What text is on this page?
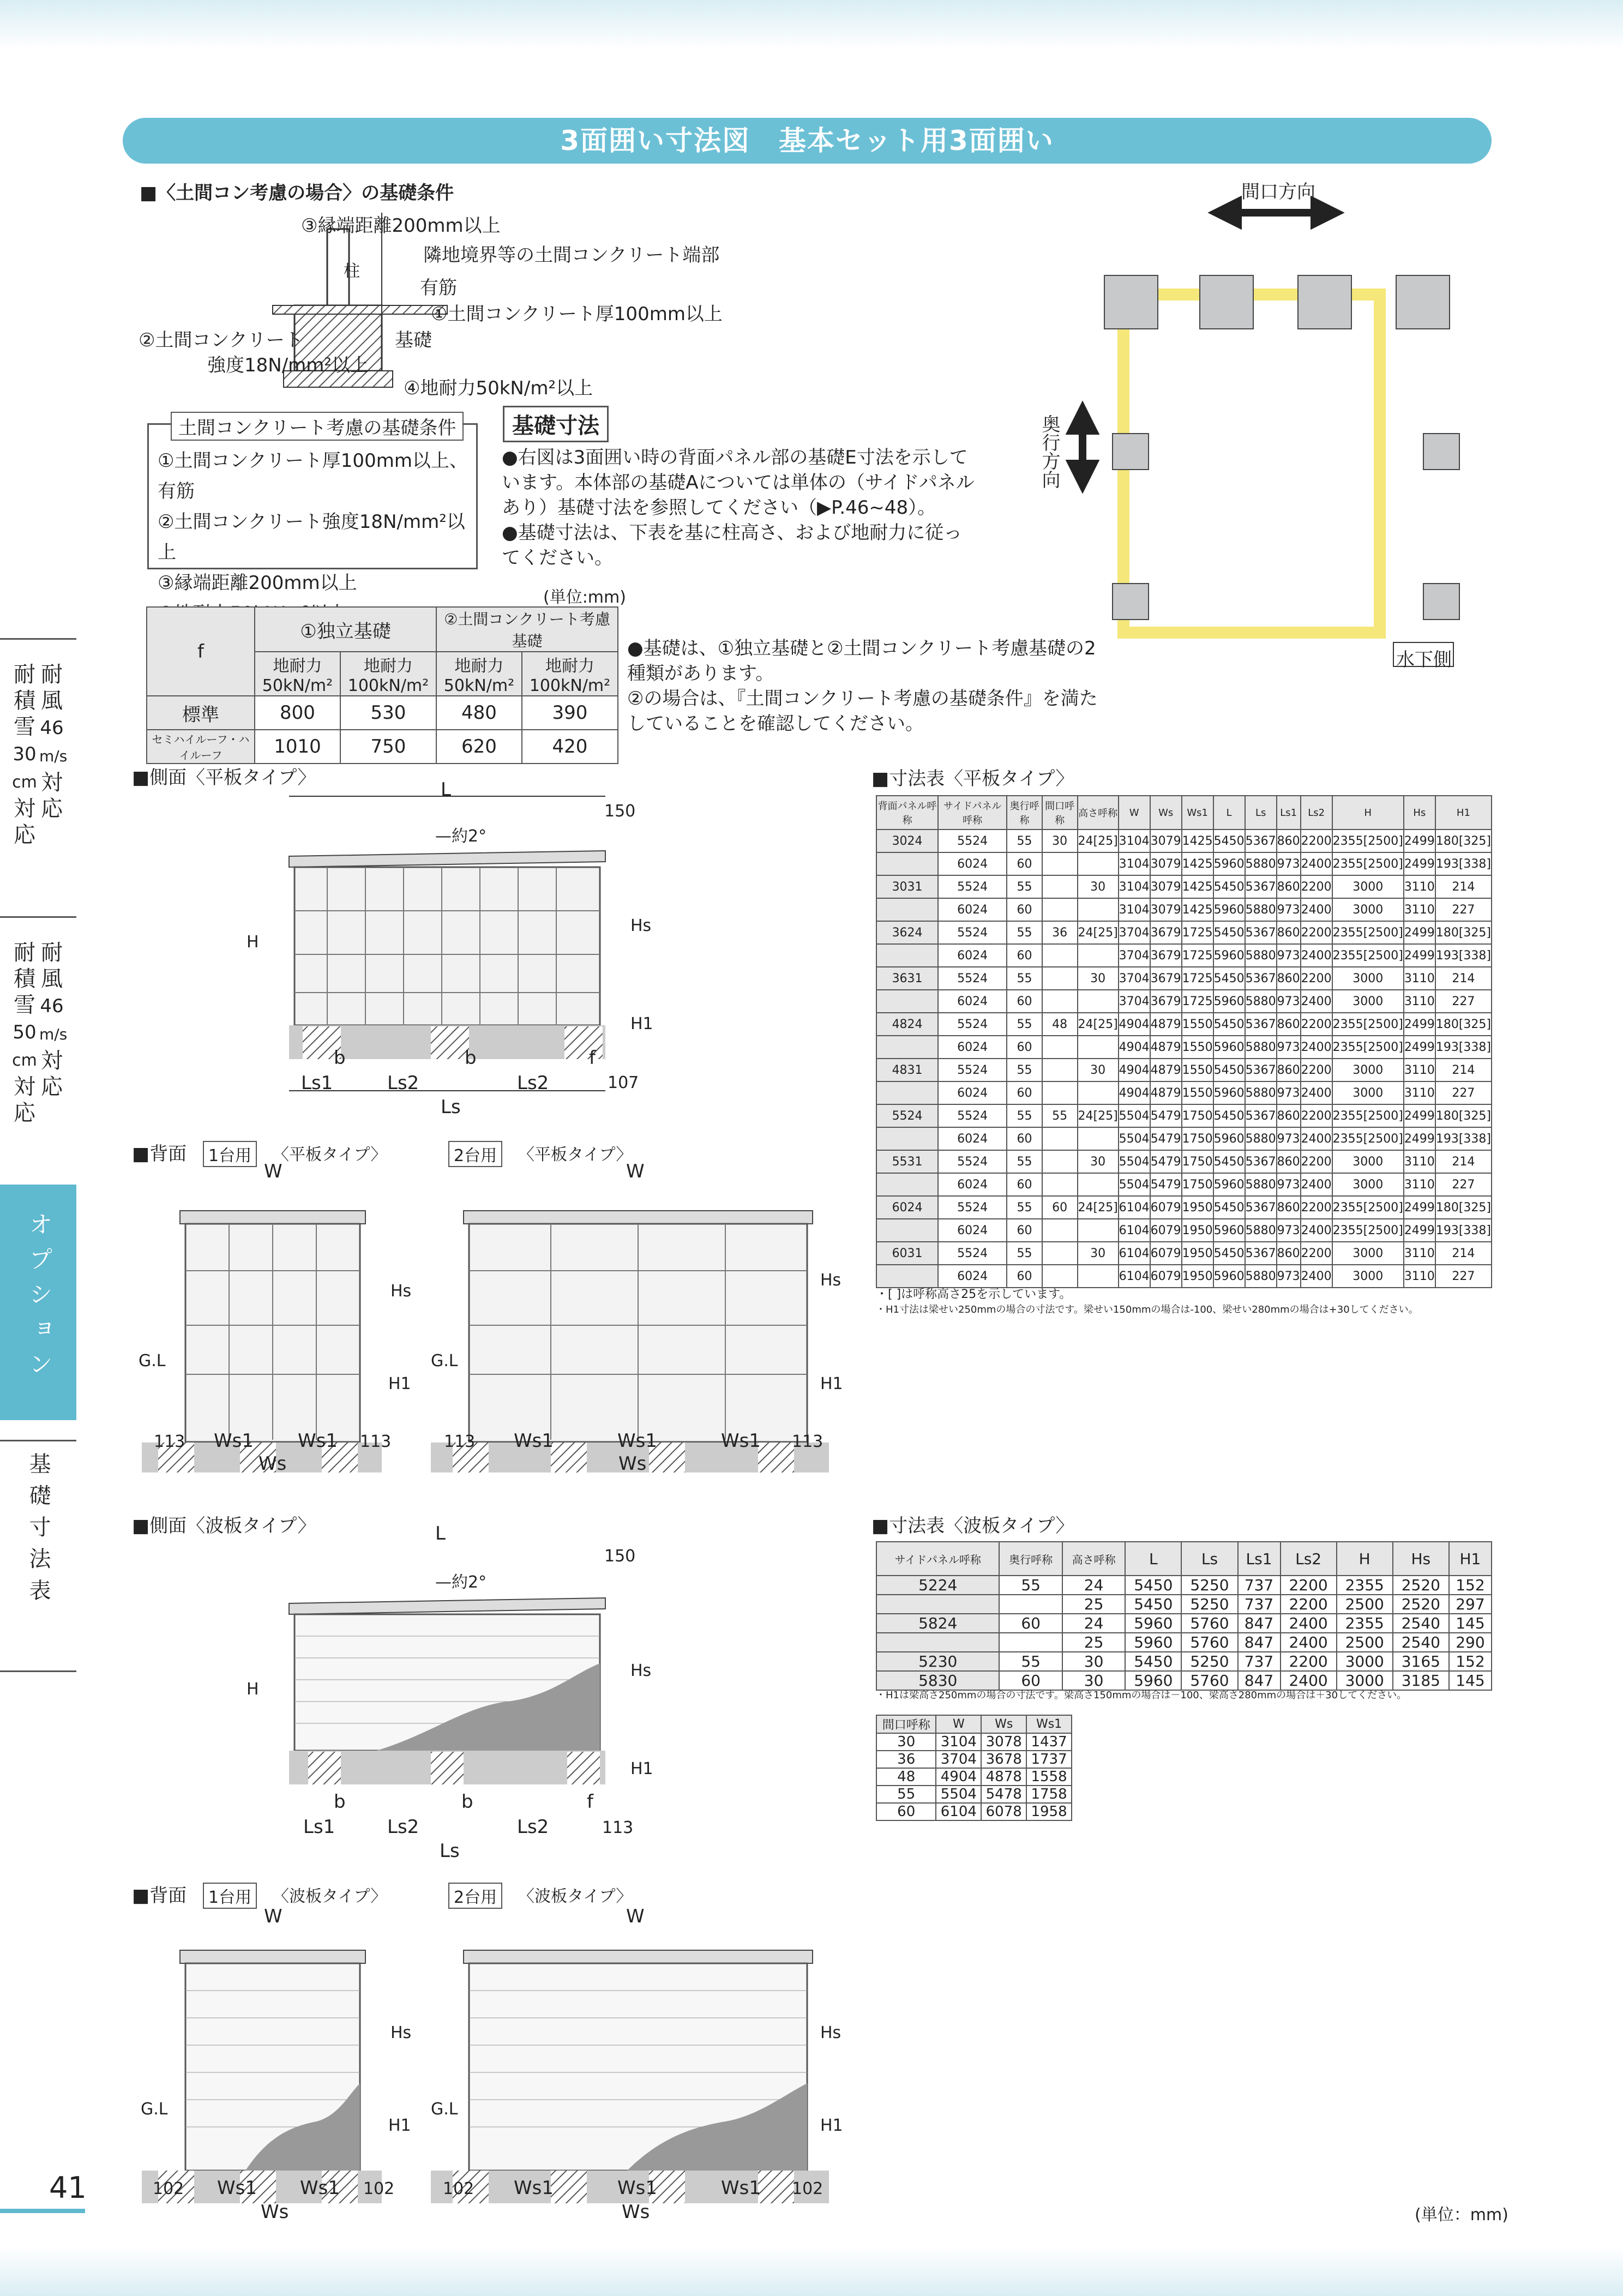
3面囲い寸法図　基本セット用3面囲い
耐
積
雪
30
cm
対
応
耐
風
46
m/s
対
応
耐
積
雪
50
cm
対
応
耐
風
46
m/s
対
応
オプション
基礎寸法表
■〈土間コン考慮の場合〉の基礎条件
③縁端距離200mm以上
柱
隣地境界等の土間コンクリート端部
有筋
①土間コンクリート厚100mm以上
②土間コンクリート
強度18N/mm²以上
基礎
④地耐力50kN/m²以上
土間コンクリート考慮の基礎条件
①土間コンクリート厚100mm以上、有筋
②土間コンクリート強度18N/mm²以上
③縁端距離200mm以上
④地耐力50kN/m²以上
基礎寸法
●右図は3面囲い時の背面パネル部の基礎E寸法を示しています。本体部の基礎Aについては単体の（サイドパネルあり）基礎寸法を参照してください（▶P.46~48）。
●基礎寸法は、下表を基に柱高さ、および地耐力に従ってください。
(単位:mm)
f	①独立基礎		②土間コンクリート考慮基礎	
	地耐力50kN/m²	地耐力100kN/m²	地耐力50kN/m²	地耐力100kN/m²
標準	800	530	480	390
セミハイルーフ・ハイルーフ	1010	750	620	420
●基礎は、①独立基礎と②土間コンクリート考慮基礎の2種類があります。
②の場合は、『土間コンクリート考慮の基礎条件』を満たしていることを確認してください。
間口方向
奥行方向
水下側
■側面〈平板タイプ〉
L
150
—約2°
H
Hs
H1
b	b	f
Ls1	Ls2	Ls2	107
Ls
■背面	1台用	〈平板タイプ〉	2台用	〈平板タイプ〉
W	W
Hs
Hs
G.L	G.L
H1	H1
113 Ws1 Ws1 113
Ws
113 Ws1	Ws1	Ws1 113
Ws
■寸法表〈平板タイプ〉
背面パネル呼称	サイドパネル呼称	奥行呼称	間口呼称	高さ呼称	W	Ws	Ws1	L	Ls	Ls1	Ls2	H	Hs	H1
3024	5524	55	30	24[25]	3104	3079	1425	5450	5367	860	2200	2355[2500]	2499	180[325]
	6024	60			3104	3079	1425	5960	5880	973	2400	2355[2500]	2499	193[338]
3031	5524	55		30	3104	3079	1425	5450	5367	860	2200	3000	3110	214
	6024	60			3104	3079	1425	5960	5880	973	2400	3000	3110	227
3624	5524	55	36	24[25]	3704	3679	1725	5450	5367	860	2200	2355[2500]	2499	180[325]
	6024	60			3704	3679	1725	5960	5880	973	2400	2355[2500]	2499	193[338]
3631	5524	55		30	3704	3679	1725	5450	5367	860	2200	3000	3110	214
	6024	60			3704	3679	1725	5960	5880	973	2400	3000	3110	227
4824	5524	55	48	24[25]	4904	4879	1550	5450	5367	860	2200	2355[2500]	2499	180[325]
	6024	60			4904	4879	1550	5960	5880	973	2400	2355[2500]	2499	193[338]
4831	5524	55		30	4904	4879	1550	5450	5367	860	2200	3000	3110	214
	6024	60			4904	4879	1550	5960	5880	973	2400	3000	3110	227
5524	5524	55	55	24[25]	5504	5479	1750	5450	5367	860	2200	2355[2500]	2499	180[325]
	6024	60			5504	5479	1750	5960	5880	973	2400	2355[2500]	2499	193[338]
5531	5524	55		30	5504	5479	1750	5450	5367	860	2200	3000	3110	214
	6024	60			5504	5479	1750	5960	5880	973	2400	3000	3110	227
6024	5524	55	60	24[25]	6104	6079	1950	5450	5367	860	2200	2355[2500]	2499	180[325]
	6024	60			6104	6079	1950	5960	5880	973	2400	2355[2500]	2499	193[338]
6031	5524	55		30	6104	6079	1950	5450	5367	860	2200	3000	3110	214
	6024	60			6104	6079	1950	5960	5880	973	2400	3000	3110	227
・[ ]は呼称高さ25を示しています。
・H1寸法は梁せい250mmの場合の寸法です。梁せい150mmの場合は-100、梁せい280mmの場合は+30してください。
■側面〈波板タイプ〉	L
150
—約2°
H
Hs
H1
b	b	f
Ls1	Ls2	Ls2	113
Ls
■背面	1台用	〈波板タイプ〉	2台用	〈波板タイプ〉
W	W
Hs	Hs
G.L	G.L
H1	H1
102 Ws1 Ws1 102
Ws
102 Ws1	Ws1	Ws1 102
Ws
■寸法表〈波板タイプ〉
サイドパネル呼称	奥行呼称	高さ呼称	L	Ls	Ls1	Ls2	H	Hs	H1
5224	55	24	5450	5250	737	2200	2355	2520	152
		25	5450	5250	737	2200	2500	2520	297
5824	60	24	5960	5760	847	2400	2355	2540	145
		25	5960	5760	847	2400	2500	2540	290
5230	55	30	5450	5250	737	2200	3000	3165	152
5830	60	30	5960	5760	847	2400	3000	3185	145
・H1は梁高さ250mmの場合の寸法です。梁高さ150mmの場合は－100、梁高さ280mmの場合は＋30してください。
間口呼称	W	Ws	Ws1
30	3104	3078	1437
36	3704	3678	1737
48	4904	4878	1558
55	5504	5478	1758
60	6104	6078	1958
(単位：mm)
41
